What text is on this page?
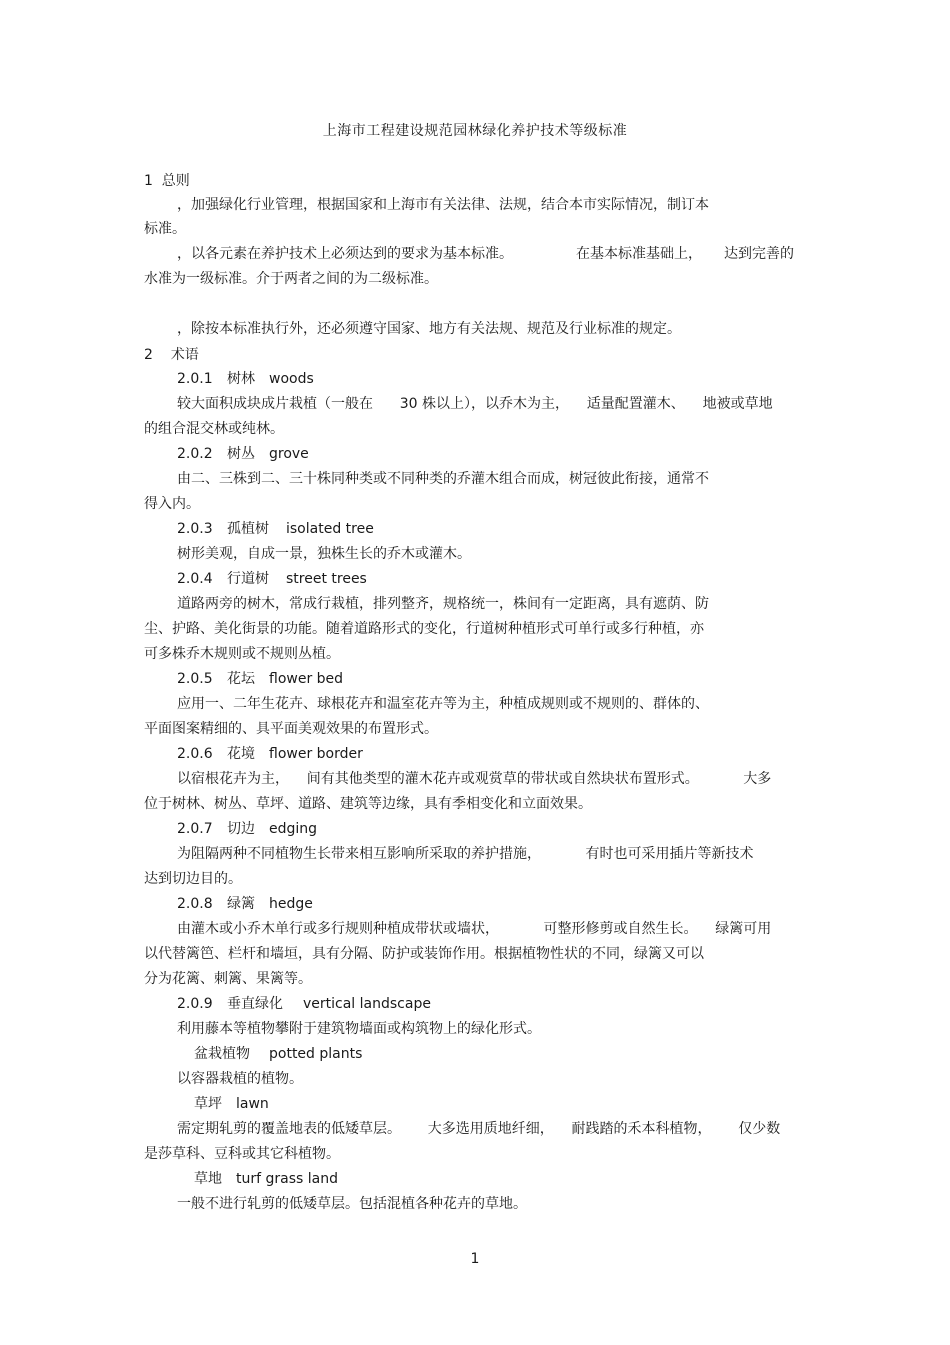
上海市工程建设规范园林绿化养护技术等级标准
1  总则
，加强绿化行业管理，根据国家和上海市有关法律、法规，结合本市实际情况，制订本
标准。
，以各元素在养护技术上必须达到的要求为基本标准。	在基本标准基础上， 达到完善的
水准为一级标准。介于两者之间的为二级标准。
，除按本标准执行外，还必须遵守国家、地方有关法规、规范及行业标准的规定。
2    术语
2.0.1 树林 woods
较大面积成块成片栽植（一般在      30 株以上），以乔木为主，    适量配置灌木、    地被或草地
的组合混交林或纯林。
2.0.2 树丛 grove
由二、三株到二、三十株同种类或不同种类的乔灌木组合而成，树冠彼此衔接，通常不
得入内。
2.0.3 孤植树 isolated tree
树形美观，自成一景，独株生长的乔木或灌木。
2.0.4 行道树 street trees
道路两旁的树木，常成行栽植，排列整齐，规格统一，株间有一定距离，具有遮荫、防
尘、护路、美化街景的功能。随着道路形式的变化，行道树种植形式可单行或多行种植，亦
可多株乔木规则或不规则丛植。
2.0.5 花坛 flower bed
应用一、二年生花卉、球根花卉和温室花卉等为主，种植成规则或不规则的、群体的、
平面图案精细的、具平面美观效果的布置形式。
2.0.6 花境 flower border
以宿根花卉为主，    间有其他类型的灌木花卉或观赏草的带状或自然块状布置形式。          大多
位于树林、树丛、草坪、道路、建筑等边缘，具有季相变化和立面效果。
2.0.7 切边 edging
为阻隔两种不同植物生长带来相互影响所采取的养护措施，          有时也可采用插片等新技术
达到切边目的。
2.0.8 绿篱 hedge
由灌木或小乔木单行或多行规则种植成带状或墙状，          可整形修剪或自然生长。    绿篱可用
以代替篱笆、栏杆和墙垣，具有分隔、防护或装饰作用。根据植物性状的不同，绿篱又可以
分为花篱、刺篱、果篱等。
2.0.9 垂直绿化 vertical landscape
利用藤本等植物攀附于建筑物墙面或构筑物上的绿化形式。
盆栽植物 potted plants
以容器栽植的植物。
草坪 lawn
需定期轧剪的覆盖地表的低矮草层。      大多选用质地纤细，    耐践踏的禾本科植物，      仅少数
是莎草科、豆科或其它科植物。
草地 turf grass land
一般不进行轧剪的低矮草层。包括混植各种花卉的草地。
1
